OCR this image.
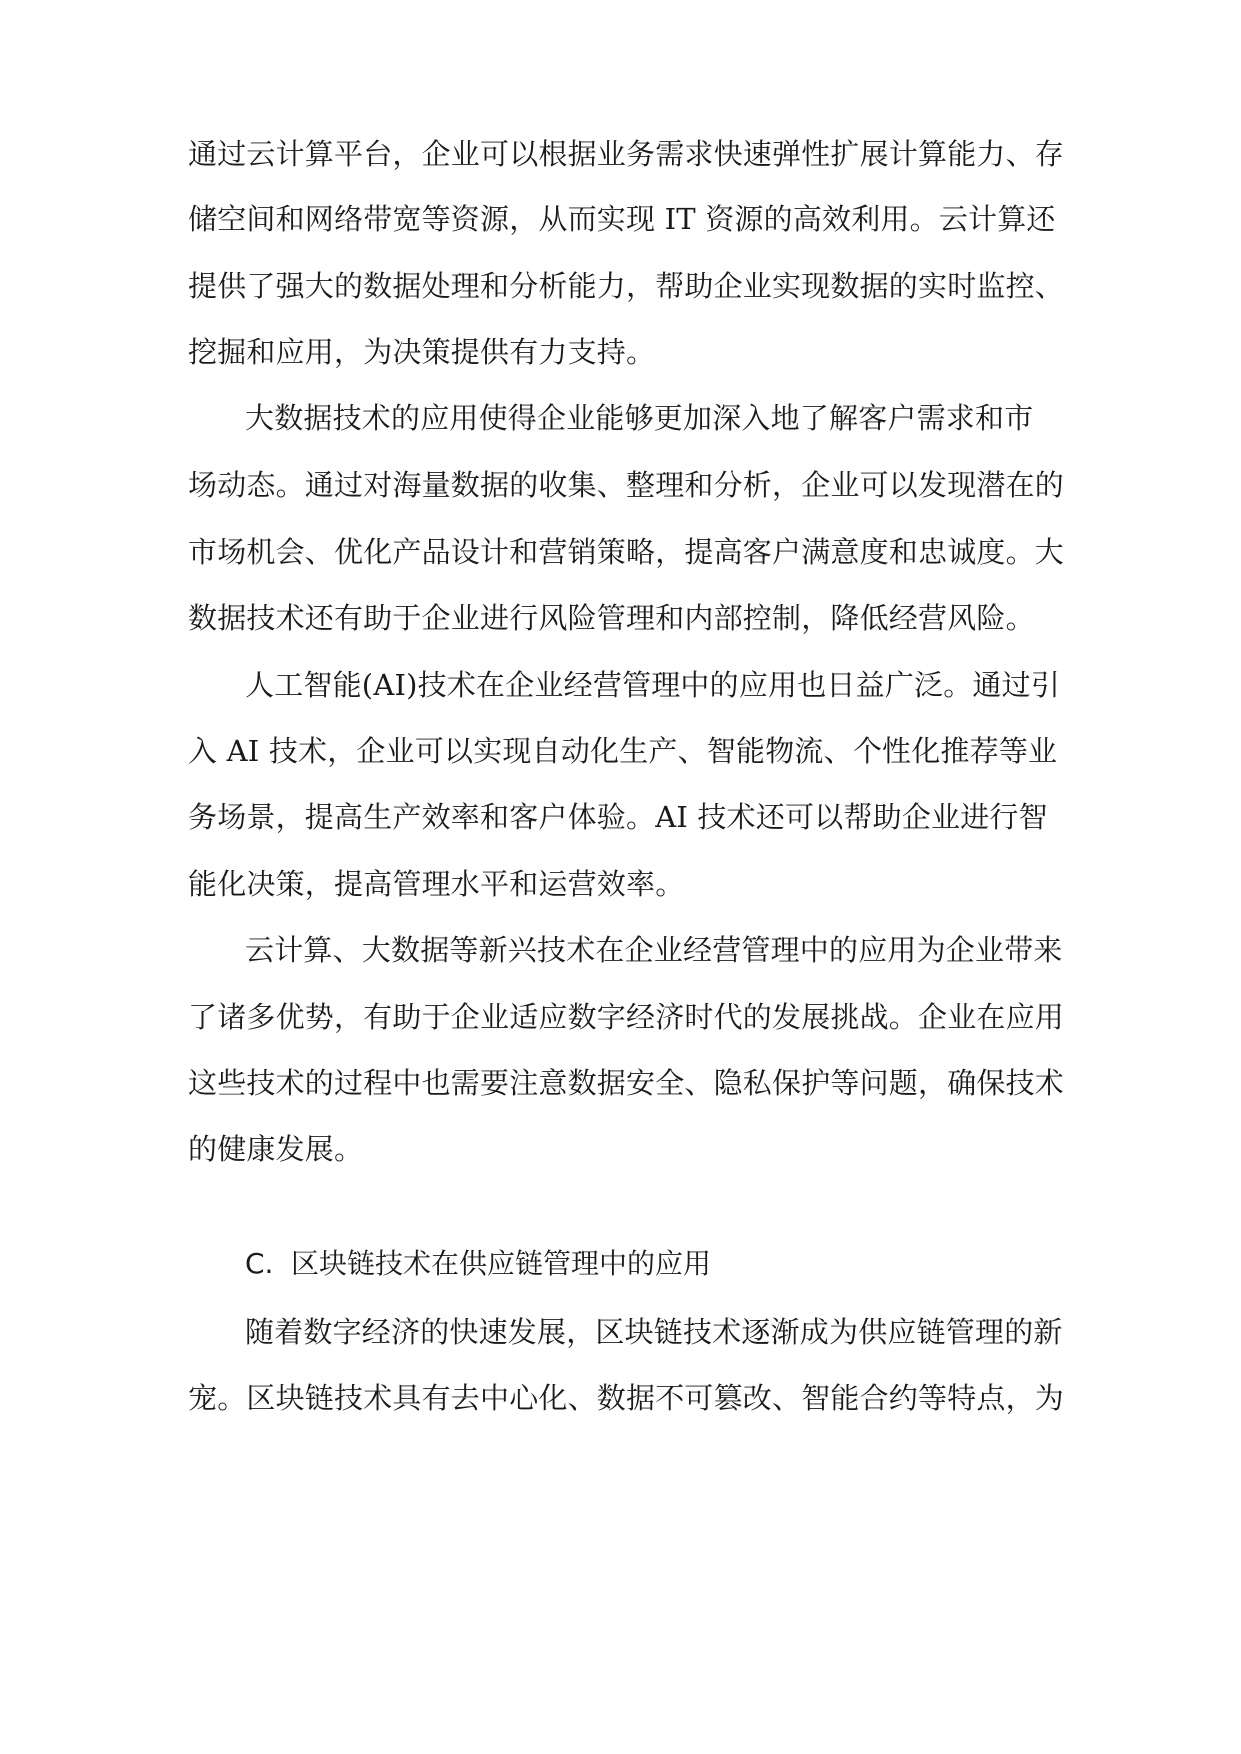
通过云计算平台，企业可以根据业务需求快速弹性扩展计算能力、存
储空间和网络带宽等资源，从而实现 IT 资源的高效利用。云计算还
提供了强大的数据处理和分析能力，帮助企业实现数据的实时监控、
挖掘和应用，为决策提供有力支持。
大数据技术的应用使得企业能够更加深入地了解客户需求和市
场动态。通过对海量数据的收集、整理和分析，企业可以发现潜在的
市场机会、优化产品设计和营销策略，提高客户满意度和忠诚度。大
数据技术还有助于企业进行风险管理和内部控制，降低经营风险。
人工智能(AI)技术在企业经营管理中的应用也日益广泛。通过引
入 AI 技术，企业可以实现自动化生产、智能物流、个性化推荐等业
务场景，提高生产效率和客户体验。AI 技术还可以帮助企业进行智
能化决策，提高管理水平和运营效率。
云计算、大数据等新兴技术在企业经营管理中的应用为企业带来
了诸多优势，有助于企业适应数字经济时代的发展挑战。企业在应用
这些技术的过程中也需要注意数据安全、隐私保护等问题，确保技术
的健康发展。
C. 区块链技术在供应链管理中的应用
随着数字经济的快速发展，区块链技术逐渐成为供应链管理的新
宠。区块链技术具有去中心化、数据不可篡改、智能合约等特点，为
